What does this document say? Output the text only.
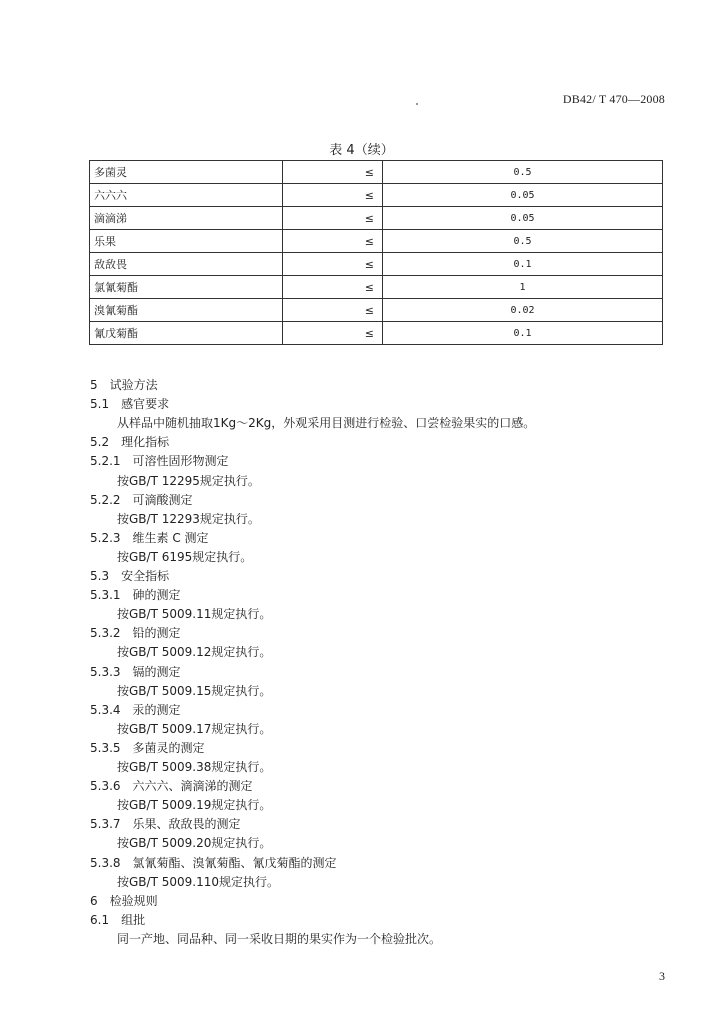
DB42/ T 470—2008
表 4（续）
多菌灵	≤	0.5
六六六	≤	0.05
滴滴涕	≤	0.05
乐果	≤	0.5
敌敌畏	≤	0.1
氯氰菊酯	≤	1
溴氰菊酯	≤	0.02
氰戊菊酯	≤	0.1
5　试验方法
5.1　感官要求
从样品中随机抽取1Kg～2Kg，外观采用目测进行检验、口尝检验果实的口感。
5.2　理化指标
5.2.1　可溶性固形物测定
按GB/T 12295规定执行。
5.2.2　可滴酸测定
按GB/T 12293规定执行。
5.2.3　维生素 C 测定
按GB/T 6195规定执行。
5.3　安全指标
5.3.1　砷的测定
按GB/T 5009.11规定执行。
5.3.2　铅的测定
按GB/T 5009.12规定执行。
5.3.3　镉的测定
按GB/T 5009.15规定执行。
5.3.4　汞的测定
按GB/T 5009.17规定执行。
5.3.5　多菌灵的测定
按GB/T 5009.38规定执行。
5.3.6　六六六、滴滴涕的测定
按GB/T 5009.19规定执行。
5.3.7　乐果、敌敌畏的测定
按GB/T 5009.20规定执行。
5.3.8　氯氰菊酯、溴氰菊酯、氰戊菊酯的测定
按GB/T 5009.110规定执行。
6　检验规则
6.1　组批
同一产地、同品种、同一采收日期的果实作为一个检验批次。
3
